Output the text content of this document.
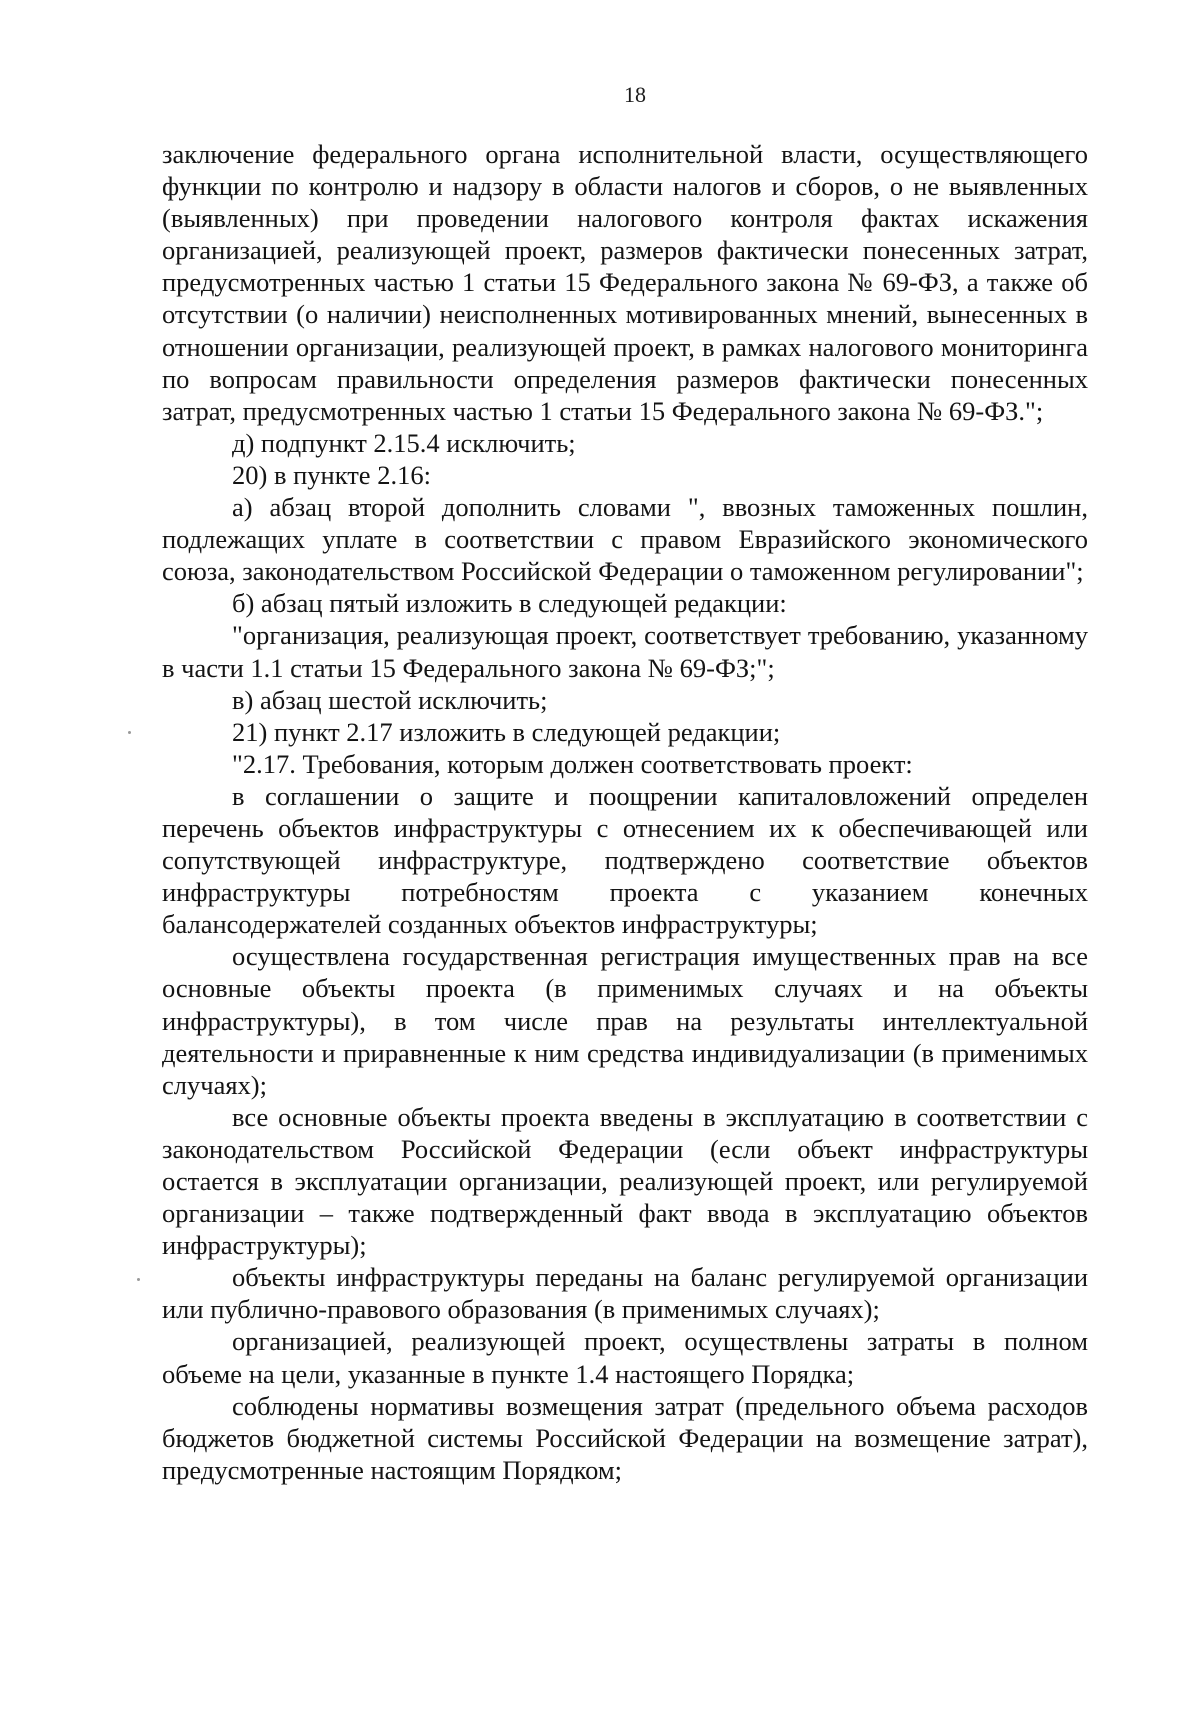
18

заключение федерального органа исполнительной власти, осуществляющего функции по контролю и надзору в области налогов и сборов, о не выявленных (выявленных) при проведении налогового контроля фактах искажения организацией, реализующей проект, размеров фактически понесенных затрат, предусмотренных частью 1 статьи 15 Федерального закона № 69-ФЗ, а также об отсутствии (о наличии) неисполненных мотивированных мнений, вынесенных в отношении организации, реализующей проект, в рамках налогового мониторинга по вопросам правильности определения размеров фактически понесенных затрат, предусмотренных частью 1 статьи 15 Федерального закона № 69-ФЗ.";

д) подпункт 2.15.4 исключить;

20) в пункте 2.16:

а) абзац второй дополнить словами ", ввозных таможенных пошлин, подлежащих уплате в соответствии с правом Евразийского экономического союза, законодательством Российской Федерации о таможенном регулировании";

б) абзац пятый изложить в следующей редакции:

"организация, реализующая проект, соответствует требованию, указанному в части 1.1 статьи 15 Федерального закона № 69-ФЗ;";

в) абзац шестой исключить;

21) пункт 2.17 изложить в следующей редакции;

"2.17. Требования, которым должен соответствовать проект:

в соглашении о защите и поощрении капиталовложений определен перечень объектов инфраструктуры с отнесением их к обеспечивающей или сопутствующей инфраструктуре, подтверждено соответствие объектов инфраструктуры потребностям проекта с указанием конечных балансодержателей созданных объектов инфраструктуры;

осуществлена государственная регистрация имущественных прав на все основные объекты проекта (в применимых случаях и на объекты инфраструктуры), в том числе прав на результаты интеллектуальной деятельности и приравненные к ним средства индивидуализации (в применимых случаях);

все основные объекты проекта введены в эксплуатацию в соответствии с законодательством Российской Федерации (если объект инфраструктуры остается в эксплуатации организации, реализующей проект, или регулируемой организации – также подтвержденный факт ввода в эксплуатацию объектов инфраструктуры);

объекты инфраструктуры переданы на баланс регулируемой организации или публично-правового образования (в применимых случаях);

организацией, реализующей проект, осуществлены затраты в полном объеме на цели, указанные в пункте 1.4 настоящего Порядка;

соблюдены нормативы возмещения затрат (предельного объема расходов бюджетов бюджетной системы Российской Федерации на возмещение затрат), предусмотренные настоящим Порядком;
